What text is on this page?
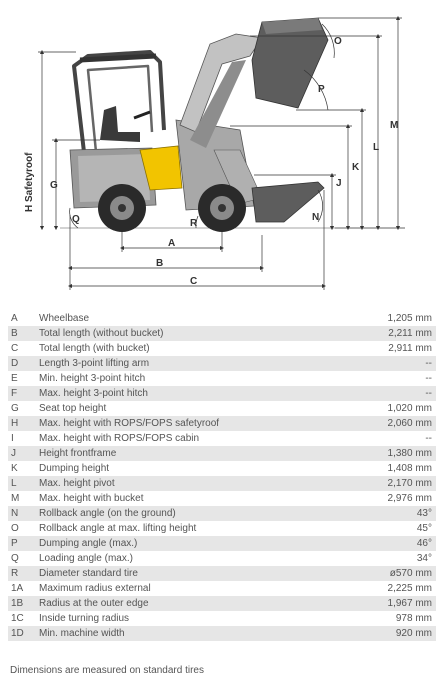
A
B
C
G	J
K
L
M
N
O
P
Q	R
H Safetyroof
A	Wheelbase	1,205 mm
B	Total length (without bucket)	2,211 mm
C	Total length (with bucket)	2,911 mm
D	Length 3-point lifting arm	--
E	Min. height 3-point hitch	--
F	Max. height 3-point hitch	--
G	Seat top height	1,020 mm
H	Max. height with ROPS/FOPS safetyroof	2,060 mm
I	Max. height with ROPS/FOPS cabin	--
J	Height frontframe	1,380 mm
K	Dumping height	1,408 mm
L	Max. height pivot	2,170 mm
M	Max. height with bucket	2,976 mm
N	Rollback angle (on the ground)	43°
O	Rollback angle at max. lifting height	45°
P	Dumping angle (max.)	46°
Q	Loading angle (max.)	34°
R	Diameter standard tire	ø570 mm
1A	Maximum radius external	2,225 mm
1B	Radius at the outer edge	1,967 mm
1C	Inside turning radius	978 mm
1D	Min. machine width	920 mm
Dimensions are measured on standard tires
